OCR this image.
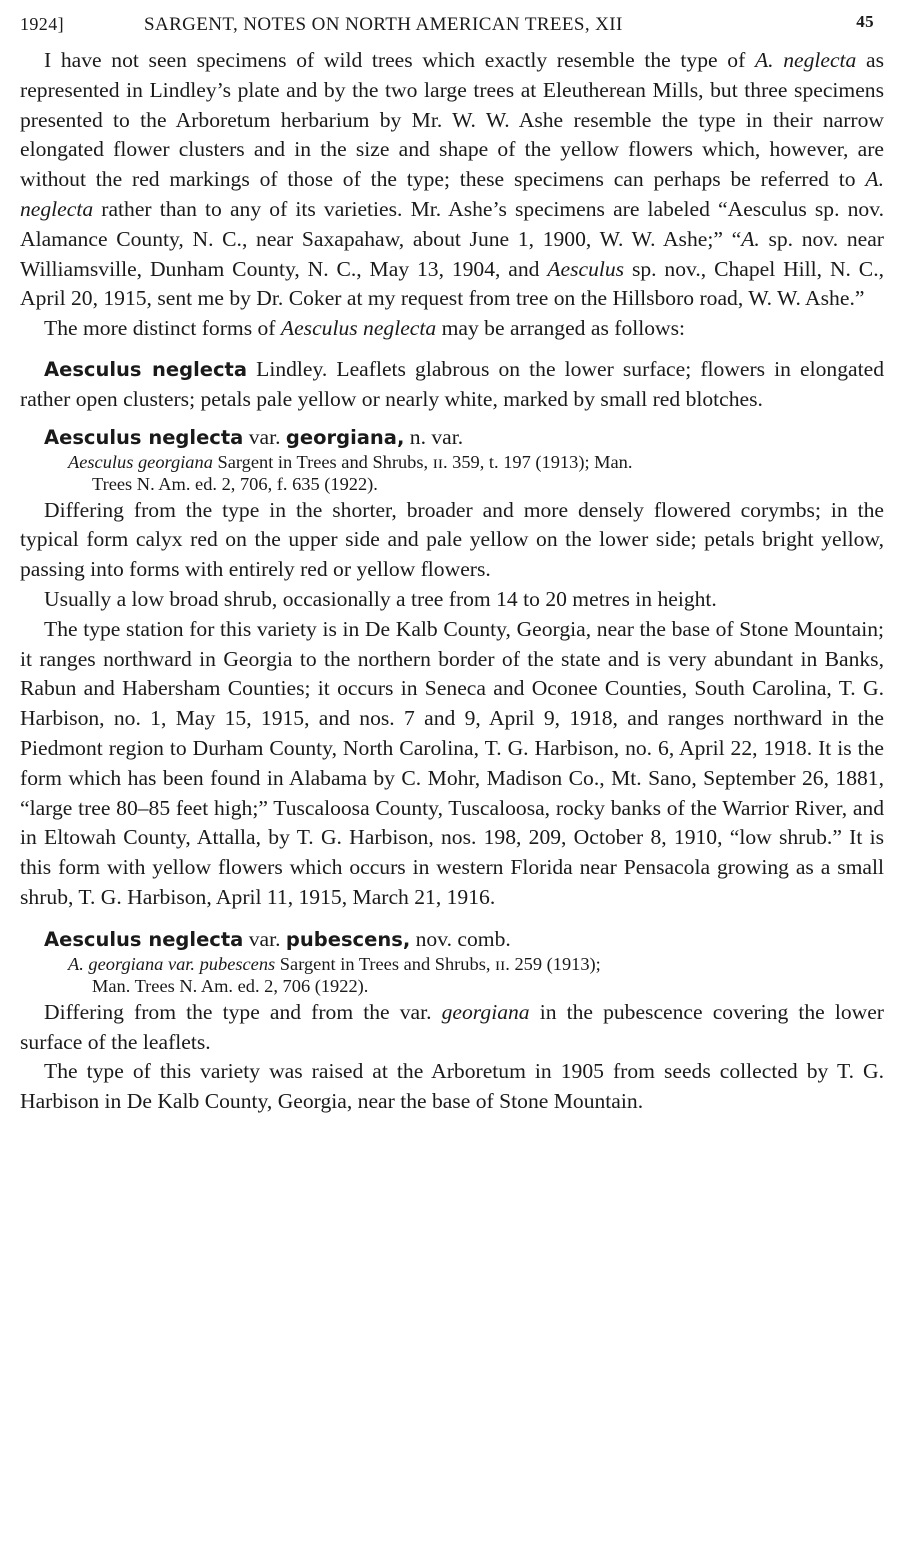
1924]	SARGENT, NOTES ON NORTH AMERICAN TREES, XII	45

I have not seen specimens of wild trees which exactly resemble the type of A. neglecta as represented in Lindley’s plate and by the two large trees at Eleutherean Mills, but three specimens presented to the Arboretum herbarium by Mr. W. W. Ashe resemble the type in their narrow elongated flower clusters and in the size and shape of the yellow flowers which, however, are without the red markings of those of the type; these specimens can perhaps be referred to A. neglecta rather than to any of its varieties. Mr. Ashe’s specimens are labeled “Aesculus sp. nov. Alamance County, N. C., near Saxapahaw, about June 1, 1900, W. W. Ashe;” “A. sp. nov. near Williamsville, Dunham County, N. C., May 13, 1904, and Aesculus sp. nov., Chapel Hill, N. C., April 20, 1915, sent me by Dr. Coker at my request from tree on the Hillsboro road, W. W. Ashe.”

The more distinct forms of Aesculus neglecta may be arranged as follows:

Aesculus neglecta Lindley. Leaflets glabrous on the lower surface; flowers in elongated rather open clusters; petals pale yellow or nearly white, marked by small red blotches.

Aesculus neglecta var. georgiana, n. var.

Aesculus georgiana Sargent in Trees and Shrubs, ɪɪ. 359, t. 197 (1913); Man.

Trees N. Am. ed. 2, 706, f. 635 (1922).

Differing from the type in the shorter, broader and more densely flowered corymbs; in the typical form calyx red on the upper side and pale yellow on the lower side; petals bright yellow, passing into forms with entirely red or yellow flowers.

Usually a low broad shrub, occasionally a tree from 14 to 20 metres in height.

The type station for this variety is in De Kalb County, Georgia, near the base of Stone Mountain; it ranges northward in Georgia to the northern border of the state and is very abundant in Banks, Rabun and Habersham Counties; it occurs in Seneca and Oconee Counties, South Carolina, T. G. Harbison, no. 1, May 15, 1915, and nos. 7 and 9, April 9, 1918, and ranges northward in the Piedmont region to Durham County, North Carolina, T. G. Harbison, no. 6, April 22, 1918. It is the form which has been found in Alabama by C. Mohr, Madison Co., Mt. Sano, September 26, 1881, “large tree 80–85 feet high;” Tuscaloosa County, Tuscaloosa, rocky banks of the Warrior River, and in Eltowah County, Attalla, by T. G. Harbison, nos. 198, 209, October 8, 1910, “low shrub.” It is this form with yellow flowers which occurs in western Florida near Pensacola growing as a small shrub, T. G. Harbison, April 11, 1915, March 21, 1916.

Aesculus neglecta var. pubescens, nov. comb.

A. georgiana var. pubescens Sargent in Trees and Shrubs, ɪɪ. 259 (1913);

Man. Trees N. Am. ed. 2, 706 (1922).

Differing from the type and from the var. georgiana in the pubescence covering the lower surface of the leaflets.

The type of this variety was raised at the Arboretum in 1905 from seeds collected by T. G. Harbison in De Kalb County, Georgia, near the base of Stone Mountain.
